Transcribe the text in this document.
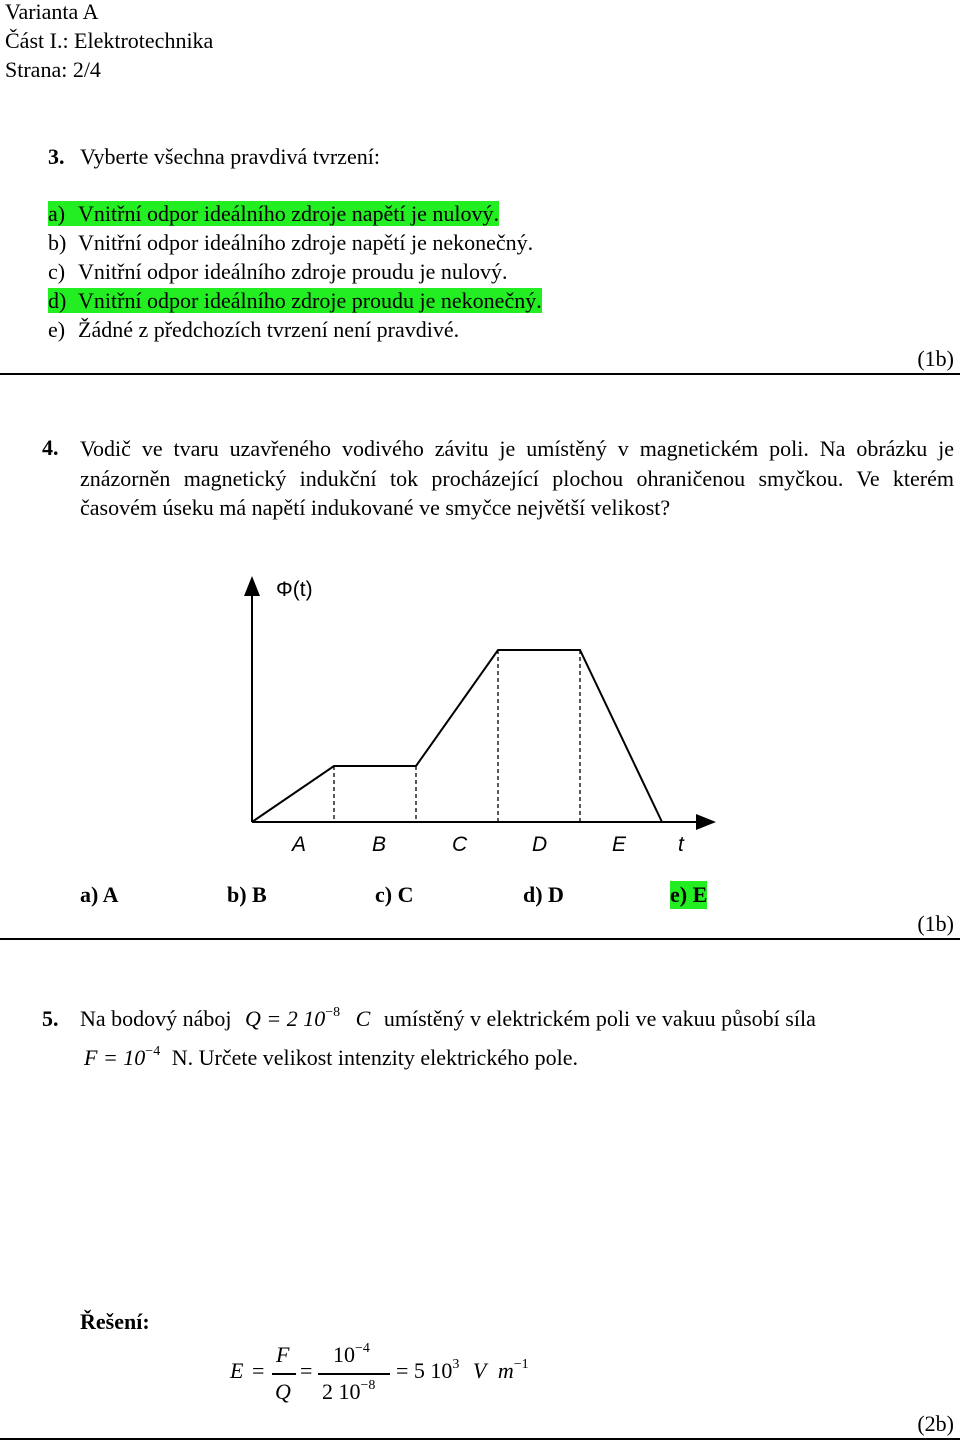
Varianta A
Část I.: Elektrotechnika
Strana: 2/4
3. Vyberte všechna pravdivá tvrzení:
a) Vnitřní odpor ideálního zdroje napětí je nulový.
b) Vnitřní odpor ideálního zdroje napětí je nekonečný.
c) Vnitřní odpor ideálního zdroje proudu je nulový.
d) Vnitřní odpor ideálního zdroje proudu je nekonečný.
e) Žádné z předchozích tvrzení není pravdivé.
(1b)
4. Vodič ve tvaru uzavřeného vodivého závitu je umístěný v magnetickém poli. Na obrázku je znázorněn magnetický indukční tok procházející plochou ohraničenou smyčkou. Ve kterém časovém úseku má napětí indukované ve smyčce největší velikost?
Φ(t)
A	B	C	D	E t
a) A	b) B	c) C	d) D	e) E
(1b)
5. Na bodový náboj Q = 2 $10^{-8}$ C umístěný v elektrickém poli ve vakuu působí síla
$F = 10^{-4}$ N. Určete velikost intenzity elektrického pole.
Řešení:
E =
F
Q
=
$10^{-4}$
2 $10^{-8}$
= 5 $10^3$ V $m^{-1}$
(2b)
